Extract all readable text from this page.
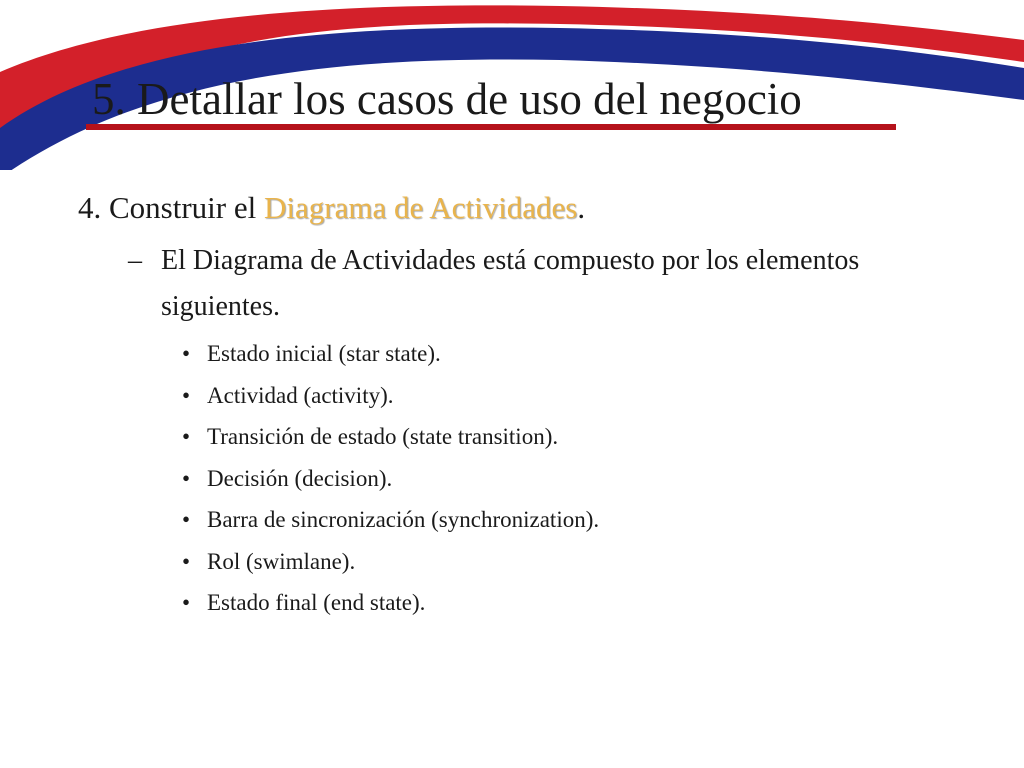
5. Detallar los casos de uso del negocio
4. Construir el Diagrama de Actividades.
– El Diagrama de Actividades está compuesto por los elementos siguientes.
• Estado inicial (star state).
• Actividad (activity).
• Transición de estado (state transition).
• Decisión (decision).
• Barra de sincronización (synchronization).
• Rol (swimlane).
• Estado final (end state).
